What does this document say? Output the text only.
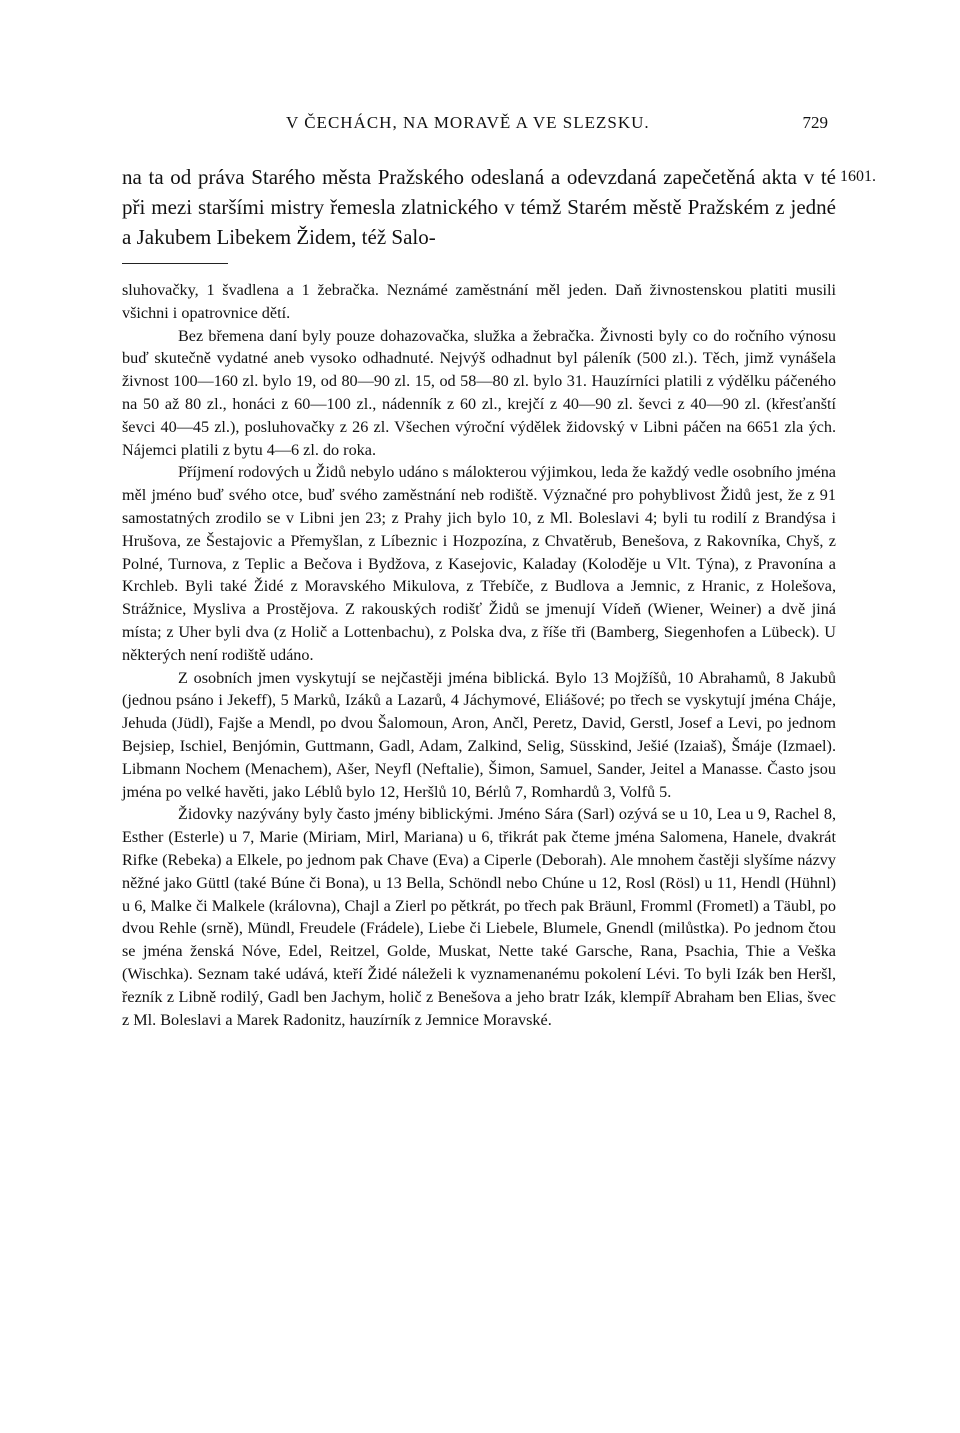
V ČECHÁCH, NA MORAVĚ A VE SLEZSKU.	729

na ta od práva Starého města Pražského odeslaná a odevzdaná zapečetěná akta v té při mezi staršími mistry řemesla zlatnického v témž Starém městě Pražském z jedné a Jakubem Libekem Židem, též Salo-

1601.

sluhovačky, 1 švadlena a 1 žebračka. Neznámé zaměstnání měl jeden. Daň živnostenskou platiti musili všichni i opatrovnice dětí.

Bez břemena daní byly pouze dohazovačka, služka a žebračka. Živnosti byly co do ročního výnosu buď skutečně vydatné aneb vysoko odhadnuté. Nejvýš odhadnut byl páleník (500 zl.). Těch, jimž vynášela živnost 100—160 zl. bylo 19, od 80—90 zl. 15, od 58—80 zl. bylo 31. Hauzírníci platili z výdělku páčeného na 50 až 80 zl., honáci z 60—100 zl., nádenník z 60 zl., krejčí z 40—90 zl. ševci z 40—90 zl. (křesťanští ševci 40—45 zl.), posluhovačky z 26 zl. Všechen výroční výdělek židovský v Libni páčen na 6651 zla ých. Nájemci platili z bytu 4—6 zl. do roka.

Příjmení rodových u Židů nebylo udáno s málokterou výjimkou, leda že každý vedle osobního jména měl jméno buď svého otce, buď svého zaměstnání neb rodiště. Význačné pro pohyblivost Židů jest, že z 91 samostatných zrodilo se v Libni jen 23; z Prahy jich bylo 10, z Ml. Boleslavi 4; byli tu rodilí z Brandýsa i Hrušova, ze Šestajovic a Přemyšlan, z Líbeznic i Hozpozína, z Chvatěrub, Benešova, z Rakovníka, Chyš, z Polné, Turnova, z Teplic a Bečova i Bydžova, z Kasejovic, Kaladay (Koloděje u Vlt. Týna), z Pravonína a Krchleb. Byli také Židé z Moravského Mikulova, z Třebíče, z Budlova a Jemnic, z Hranic, z Holešova, Strážnice, Mysliva a Prostějova. Z rakouských rodišť Židů se jmenují Vídeň (Wiener, Weiner) a dvě jiná místa; z Uher byli dva (z Holič a Lottenbachu), z Polska dva, z říše tři (Bamberg, Siegenhofen a Lübeck). U některých není rodiště udáno.

Z osobních jmen vyskytují se nejčastěji jména biblická. Bylo 13 Mojžíšů, 10 Abrahamů, 8 Jakubů (jednou psáno i Jekeff), 5 Marků, Izáků a Lazarů, 4 Jáchymové, Eliášové; po třech se vyskytují jména Cháje, Jehuda (Jüdl), Fajše a Mendl, po dvou Šalomoun, Aron, Ančl, Peretz, David, Gerstl, Josef a Levi, po jednom Bejsiep, Ischiel, Benjómin, Guttmann, Gadl, Adam, Zalkind, Selig, Süsskind, Ješié (Izaiaš), Šmáje (Izmael). Libmann Nochem (Menachem), Ašer, Neyfl (Neftalie), Šimon, Samuel, Sander, Jeitel a Manasse. Často jsou jména po velké havěti, jako Léblů bylo 12, Heršlů 10, Bérlů 7, Romhardů 3, Volfů 5.

Židovky nazývány byly často jmény biblickými. Jméno Sára (Sarl) ozývá se u 10, Lea u 9, Rachel 8, Esther (Esterle) u 7, Marie (Miriam, Mirl, Mariana) u 6, třikrát pak čteme jména Salomena, Hanele, dvakrát Rifke (Rebeka) a Elkele, po jednom pak Chave (Eva) a Ciperle (Deborah). Ale mnohem častěji slyšíme názvy něžné jako Güttl (také Búne či Bona), u 13 Bella, Schöndl nebo Chúne u 12, Rosl (Rösl) u 11, Hendl (Hühnl) u 6, Malke či Malkele (královna), Chajl a Zierl po pětkrát, po třech pak Bräunl, Fromml (Frometl) a Täubl, po dvou Rehle (srně), Mündl, Freudele (Frádele), Liebe či Liebele, Blumele, Gnendl (milůstka). Po jednom čtou se jména ženská Nóve, Edel, Reitzel, Golde, Muskat, Nette také Garsche, Rana, Psachia, Thie a Veška (Wischka). Seznam také udává, kteří Židé náleželi k vyznamenanému pokolení Lévi. To byli Izák ben Heršl, řezník z Libně rodilý, Gadl ben Jachym, holič z Benešova a jeho bratr Izák, klempíř Abraham ben Elias, švec z Ml. Boleslavi a Marek Radonitz, hauzírník z Jemnice Moravské.
